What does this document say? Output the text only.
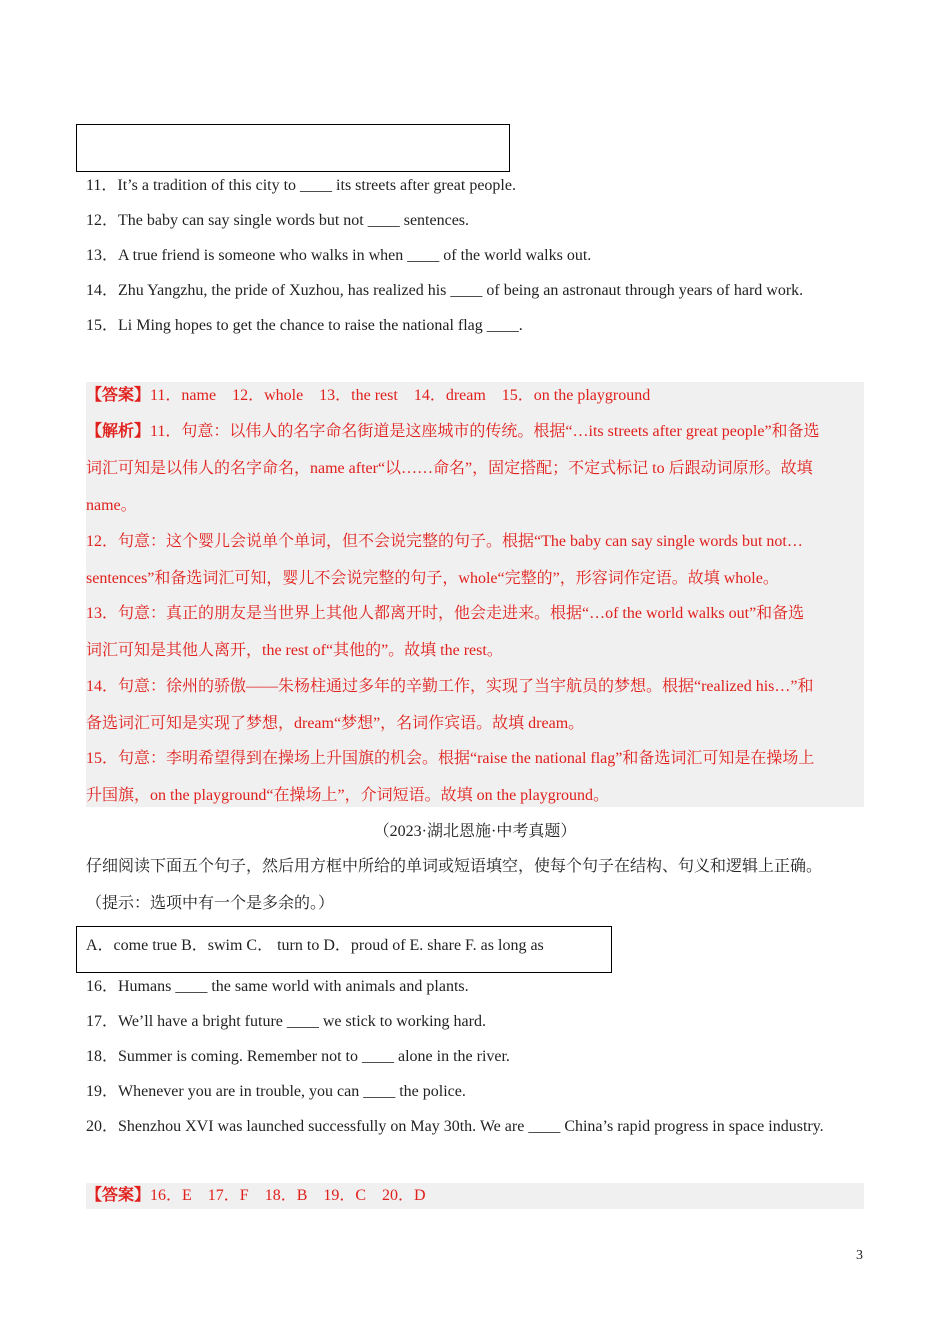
11．It’s a tradition of this city to ____ its streets after great people.
12．The baby can say single words but not ____ sentences.
13．A true friend is someone who walks in when ____ of the world walks out.
14．Zhu Yangzhu, the pride of Xuzhou, has realized his ____ of being an astronaut through years of hard work.
15．Li Ming hopes to get the chance to raise the national flag ____.
【答案】11．name　12．whole　13．the rest　14．dream　15．on the playground
【解析】11．句意：以伟人的名字命名街道是这座城市的传统。根据“…its streets after great people”和备选
词汇可知是以伟人的名字命名，name after“以……命名”，固定搭配；不定式标记 to 后跟动词原形。故填
name。
12．句意：这个婴儿会说单个单词，但不会说完整的句子。根据“The baby can say single words but not…
sentences”和备选词汇可知，婴儿不会说完整的句子，whole“完整的”，形容词作定语。故填 whole。
13．句意：真正的朋友是当世界上其他人都离开时，他会走进来。根据“…of the world walks out”和备选
词汇可知是其他人离开，the rest of“其他的”。故填 the rest。
14．句意：徐州的骄傲——朱杨柱通过多年的辛勤工作，实现了当宇航员的梦想。根据“realized his…”和
备选词汇可知是实现了梦想，dream“梦想”，名词作宾语。故填 dream。
15．句意：李明希望得到在操场上升国旗的机会。根据“raise the national flag”和备选词汇可知是在操场上
升国旗，on the playground“在操场上”，介词短语。故填 on the playground。
（2023·湖北恩施·中考真题）
仔细阅读下面五个句子，然后用方框中所给的单词或短语填空，使每个句子在结构、句义和逻辑上正确。
（提示：选项中有一个是多余的。）
A．come true B．swim C． turn to D．proud of E. share F. as long as
16．Humans ____ the same world with animals and plants.
17．We’ll have a bright future ____ we stick to working hard.
18．Summer is coming. Remember not to ____ alone in the river.
19．Whenever you are in trouble, you can ____ the police.
20．Shenzhou XVI was launched successfully on May 30th. We are ____ China’s rapid progress in space industry.
【答案】16．E　17．F　18．B　19．C　20．D
3
